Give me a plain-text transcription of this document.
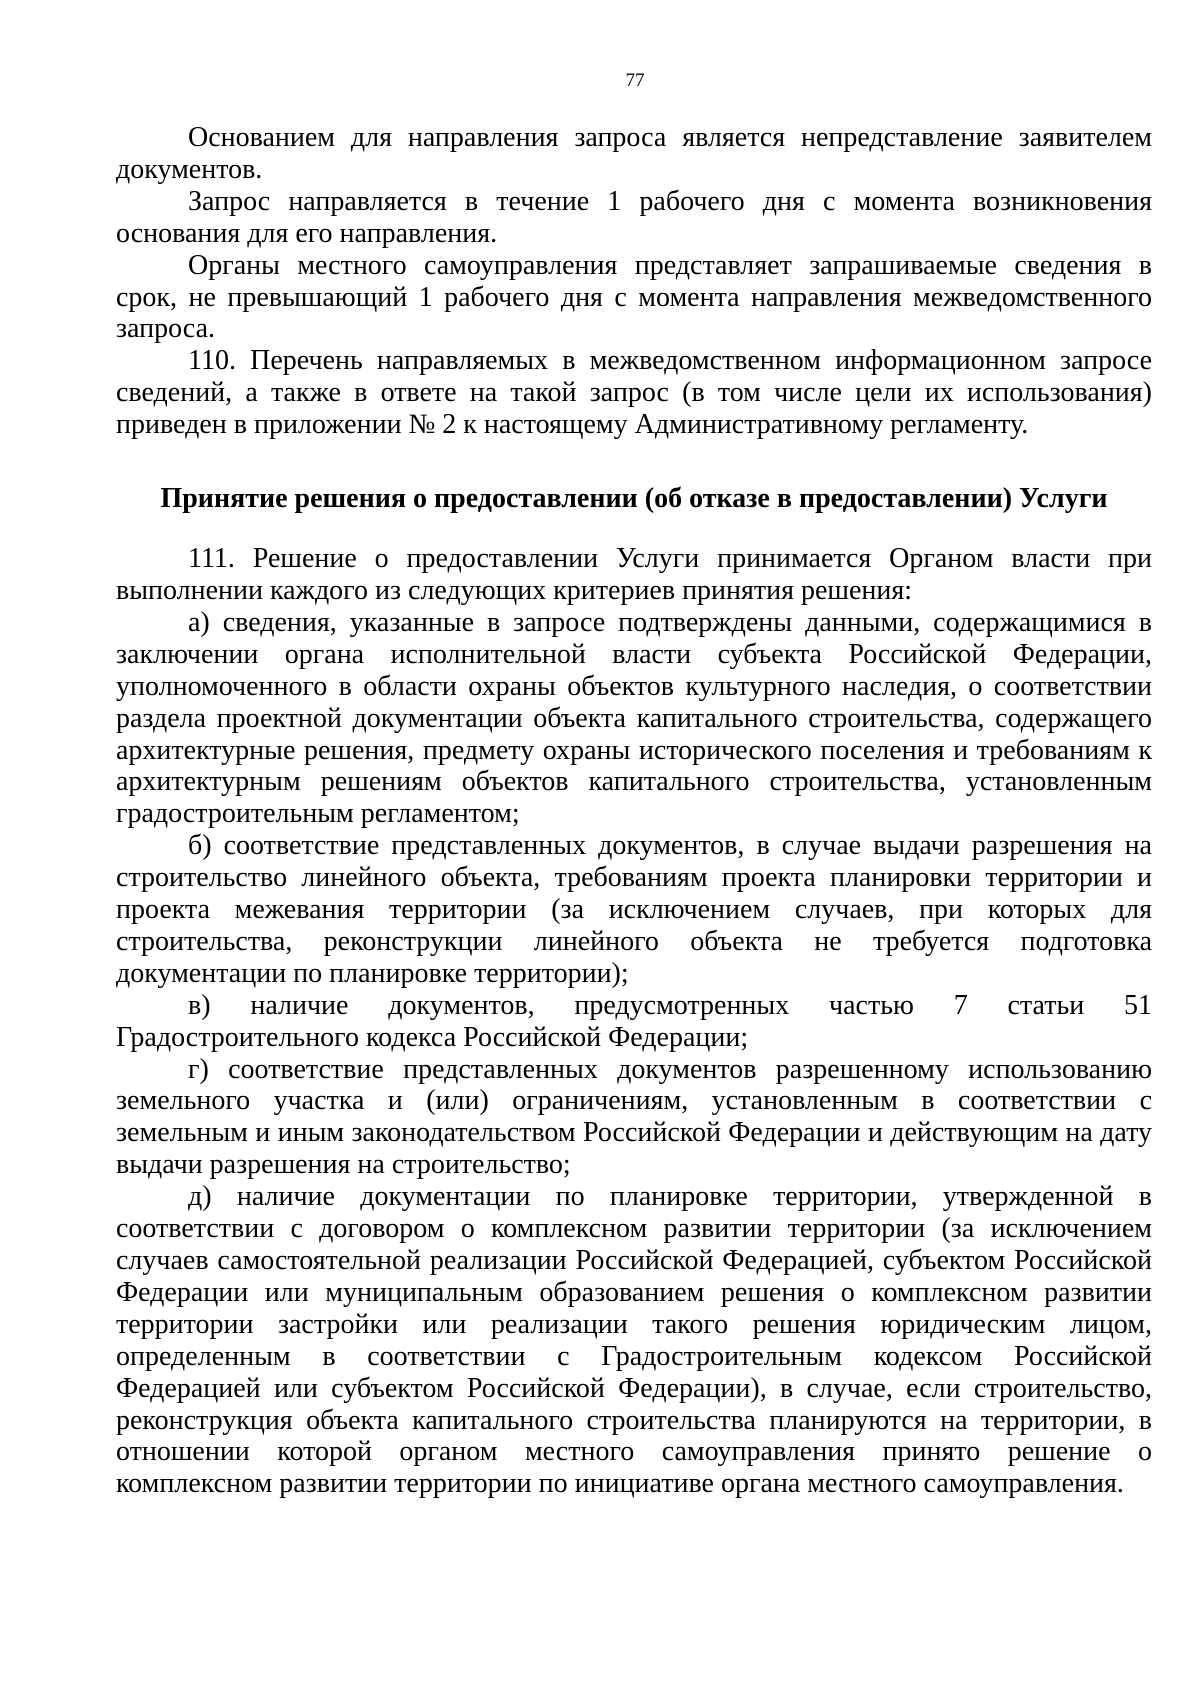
77

Основанием для направления запроса является непредставление заявителем документов.

Запрос направляется в течение 1 рабочего дня с момента возникновения основания для его направления.

Органы местного самоуправления представляет запрашиваемые сведения в срок, не превышающий 1 рабочего дня с момента направления межведомственного запроса.

110. Перечень направляемых в межведомственном информационном запросе сведений, а также в ответе на такой запрос (в том числе цели их использования) приведен в приложении № 2 к настоящему Административному регламенту.

Принятие решения о предоставлении (об отказе в предоставлении) Услуги

111. Решение о предоставлении Услуги принимается Органом власти при выполнении каждого из следующих критериев принятия решения:

а) сведения, указанные в запросе подтверждены данными, содержащимися в заключении органа исполнительной власти субъекта Российской Федерации, уполномоченного в области охраны объектов культурного наследия, о соответствии раздела проектной документации объекта капитального строительства, содержащего архитектурные решения, предмету охраны исторического поселения и требованиям к архитектурным решениям объектов капитального строительства, установленным градостроительным регламентом;

б) соответствие представленных документов, в случае выдачи разрешения на строительство линейного объекта, требованиям проекта планировки территории и проекта межевания территории (за исключением случаев, при которых для строительства, реконструкции линейного объекта не требуется подготовка документации по планировке территории);

в) наличие документов, предусмотренных частью 7 статьи 51 Градостроительного кодекса Российской Федерации;

г) соответствие представленных документов разрешенному использованию земельного участка и (или) ограничениям, установленным в соответствии с земельным и иным законодательством Российской Федерации и действующим на дату выдачи разрешения на строительство;

д) наличие документации по планировке территории, утвержденной в соответствии с договором о комплексном развитии территории (за исключением случаев самостоятельной реализации Российской Федерацией, субъектом Российской Федерации или муниципальным образованием решения о комплексном развитии территории застройки или реализации такого решения юридическим лицом, определенным в соответствии с Градостроительным кодексом Российской Федерацией или субъектом Российской Федерации), в случае, если строительство, реконструкция объекта капитального строительства планируются на территории, в отношении которой органом местного самоуправления принято решение о комплексном развитии территории по инициативе органа местного самоуправления.
